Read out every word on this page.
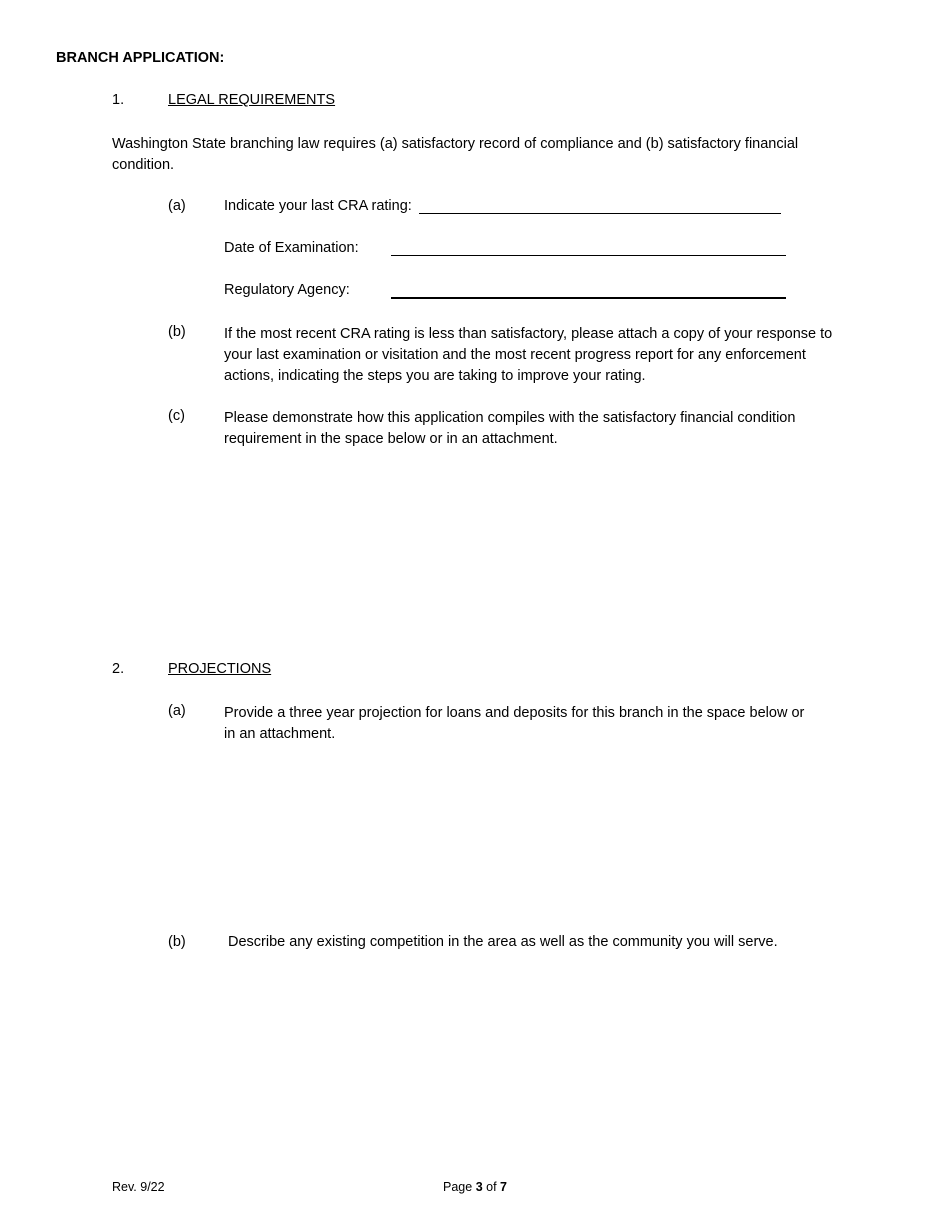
BRANCH APPLICATION:
1.	LEGAL REQUIREMENTS
Washington State branching law requires (a) satisfactory record of compliance and (b) satisfactory financial
condition.
(a)	Indicate your last CRA rating:
Date of Examination:
Regulatory Agency:
(b)	If the most recent CRA rating is less than satisfactory, please attach a copy of your response to
your last examination or visitation and the most recent progress report for any enforcement
actions, indicating the steps you are taking to improve your rating.
(c)	Please demonstrate how this application compiles with the satisfactory financial condition
requirement in the space below or in an attachment.
2.	PROJECTIONS
(a)	Provide a three year projection for loans and deposits for this branch in the space below or
in an attachment.
(b)	Describe any existing competition in the area as well as the community you will serve.
Rev. 9/22	Page 3 of 7
